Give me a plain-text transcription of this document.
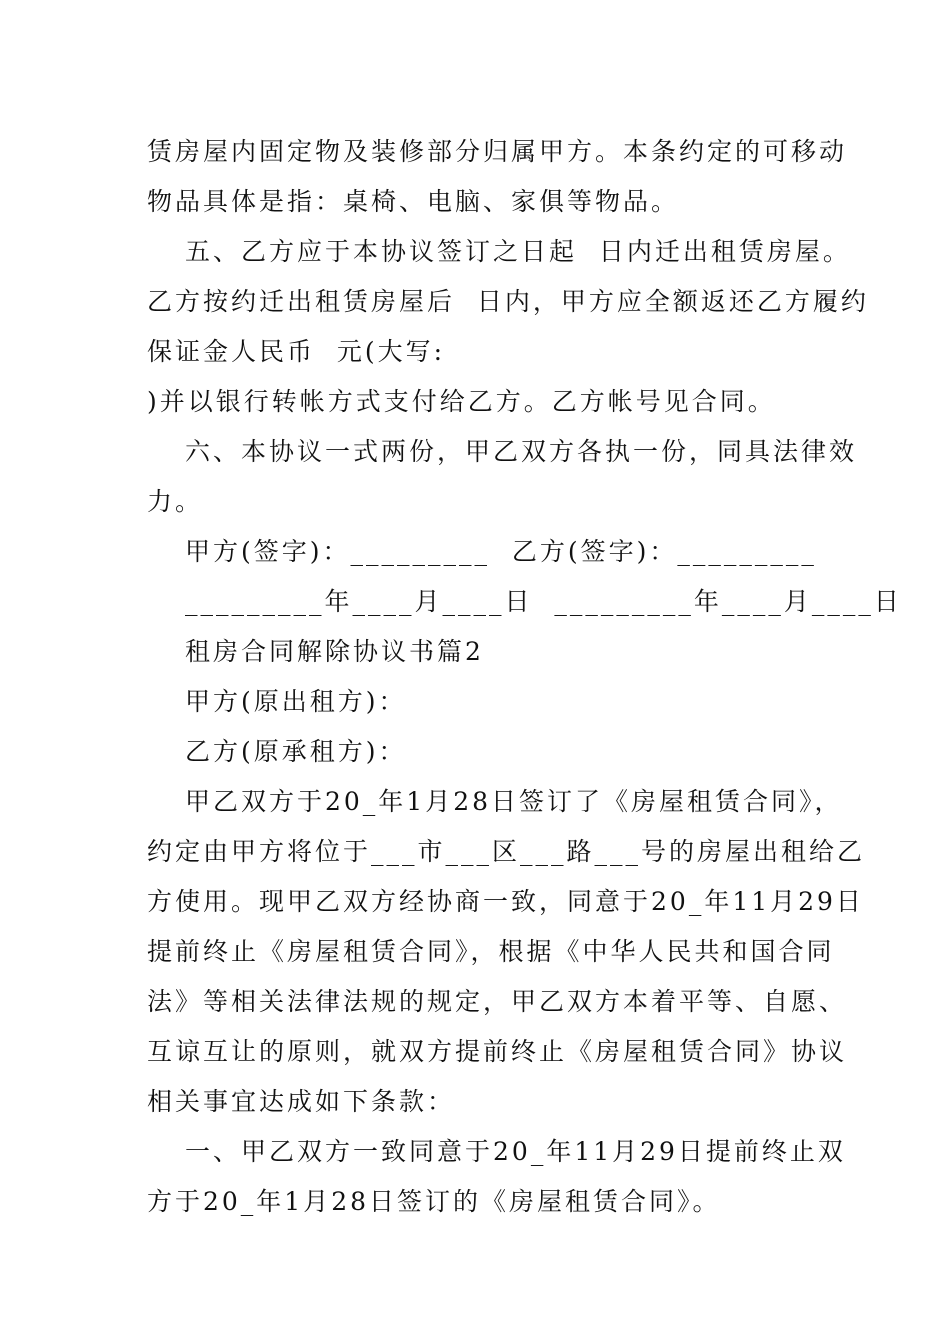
赁房屋内固定物及装修部分归属甲方。本条约定的可移动
物品具体是指：桌椅、电脑、家俱等物品。
五、乙方应于本协议签订之日起  日内迁出租赁房屋。
乙方按约迁出租赁房屋后  日内，甲方应全额返还乙方履约
保证金人民币  元(大写:
)并以银行转帐方式支付给乙方。乙方帐号见合同。
六、本协议一式两份，甲乙双方各执一份，同具法律效
力。
甲方(签字)：_________  乙方(签字)：_________
_________年____月____日  _________年____月____日
租房合同解除协议书篇2
甲方(原出租方)：
乙方(原承租方)：
甲乙双方于20_年1月28日签订了《房屋租赁合同》，
约定由甲方将位于___市___区___路___号的房屋出租给乙
方使用。现甲乙双方经协商一致，同意于20_年11月29日
提前终止《房屋租赁合同》，根据《中华人民共和国合同
法》等相关法律法规的规定，甲乙双方本着平等、自愿、
互谅互让的原则，就双方提前终止《房屋租赁合同》协议
相关事宜达成如下条款：
一、甲乙双方一致同意于20_年11月29日提前终止双
方于20_年1月28日签订的《房屋租赁合同》。
